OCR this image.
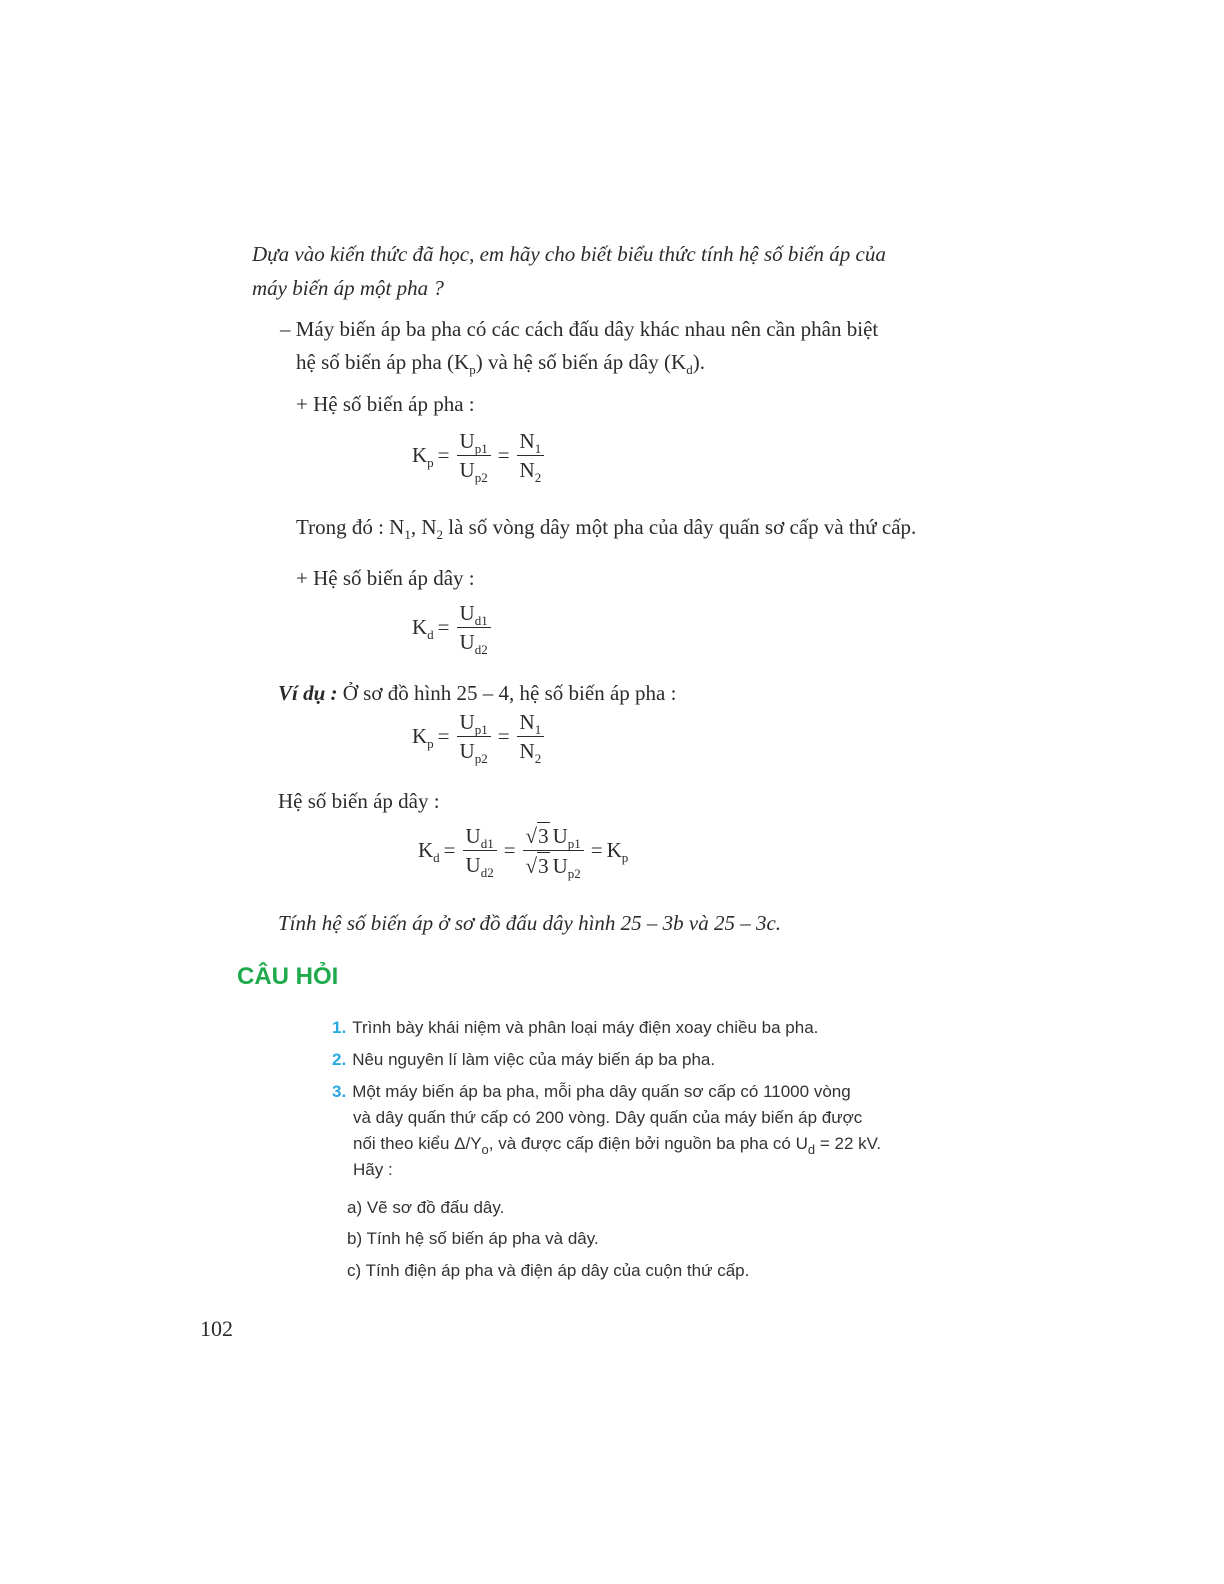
Dựa vào kiến thức đã học, em hãy cho biết biểu thức tính hệ số biến áp của
máy biến áp một pha ?
– Máy biến áp ba pha có các cách đấu dây khác nhau nên cần phân biệt
hệ số biến áp pha $(K_p)$ và hệ số biến áp dây $(K_d)$.
+ Hệ số biến áp pha :
$K_p = \frac{U_{p1}}{U_{p2}} = \frac{N_1}{N_2}$
Trong đó : $N_1$, $N_2$ là số vòng dây một pha của dây quấn sơ cấp và thứ cấp.
+ Hệ số biến áp dây :
$K_d = \frac{U_{d1}}{U_{d2}}$
Ví dụ : Ở sơ đồ hình 25 – 4, hệ số biến áp pha :
$K_p = \frac{U_{p1}}{U_{p2}} = \frac{N_1}{N_2}$
Hệ số biến áp dây :
$K_d = \frac{U_{d1}}{U_{d2}} = \frac{√3 U_{p1}}{√3 U_{p2}} = K_p$
Tính hệ số biến áp ở sơ đồ đấu dây hình 25 – 3b và 25 – 3c.
CÂU HỎI
1. Trình bày khái niệm và phân loại máy điện xoay chiều ba pha.
2. Nêu nguyên lí làm việc của máy biến áp ba pha.
3. Một máy biến áp ba pha, mỗi pha dây quấn sơ cấp có 11000 vòng
và dây quấn thứ cấp có 200 vòng. Dây quấn của máy biến áp được
nối theo kiểu $\Delta/Y_o$, và được cấp điện bởi nguồn ba pha có $U_d = 22$ kV.
Hãy :
a) Vẽ sơ đồ đấu dây.
b) Tính hệ số biến áp pha và dây.
c) Tính điện áp pha và điện áp dây của cuộn thứ cấp.
102
